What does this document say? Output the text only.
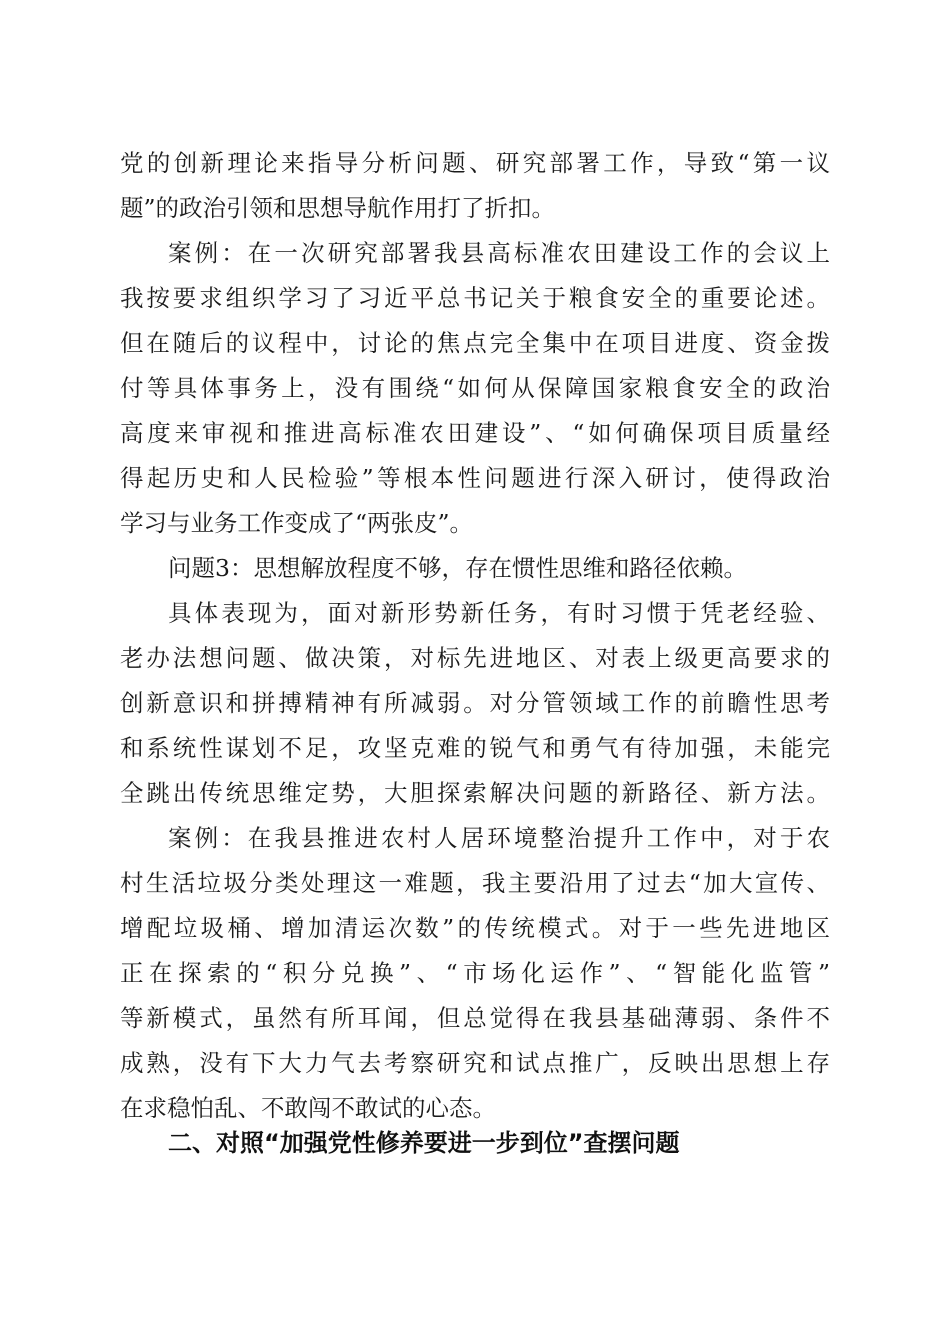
党的创新理论来指导分析问题、研究部署工作，导致“第一议
题”的政治引领和思想导航作用打了折扣。
案例：在一次研究部署我县高标准农田建设工作的会议上
我按要求组织学习了习近平总书记关于粮食安全的重要论述。
但在随后的议程中，讨论的焦点完全集中在项目进度、资金拨
付等具体事务上，没有围绕“如何从保障国家粮食安全的政治
高度来审视和推进高标准农田建设”、“如何确保项目质量经
得起历史和人民检验”等根本性问题进行深入研讨，使得政治
学习与业务工作变成了“两张皮”。
问题3：思想解放程度不够，存在惯性思维和路径依赖。
具体表现为，面对新形势新任务，有时习惯于凭老经验、
老办法想问题、做决策，对标先进地区、对表上级更高要求的
创新意识和拼搏精神有所减弱。对分管领域工作的前瞻性思考
和系统性谋划不足，攻坚克难的锐气和勇气有待加强，未能完
全跳出传统思维定势，大胆探索解决问题的新路径、新方法。
案例：在我县推进农村人居环境整治提升工作中，对于农
村生活垃圾分类处理这一难题，我主要沿用了过去“加大宣传、
增配垃圾桶、增加清运次数”的传统模式。对于一些先进地区
正在探索的“积分兑换”、“市场化运作”、“智能化监管”
等新模式，虽然有所耳闻，但总觉得在我县基础薄弱、条件不
成熟，没有下大力气去考察研究和试点推广，反映出思想上存
在求稳怕乱、不敢闯不敢试的心态。
二、对照“加强党性修养要进一步到位”查摆问题
